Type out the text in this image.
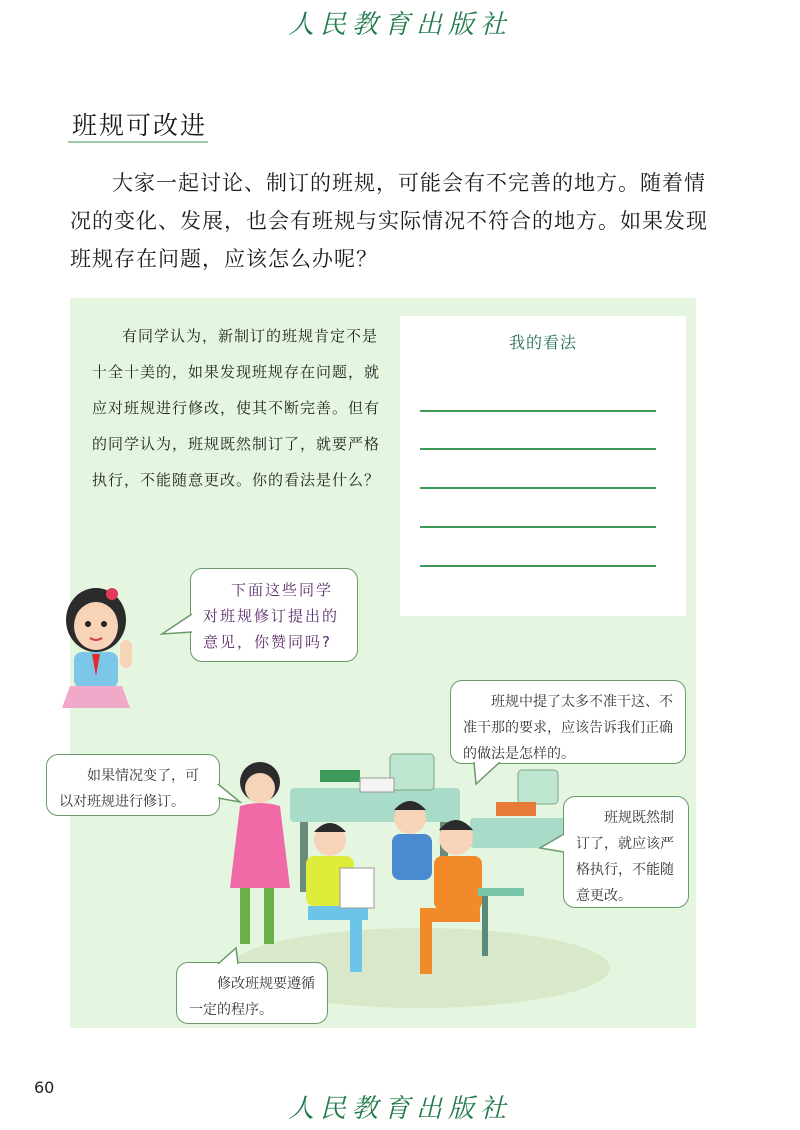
人民教育出版社
班规可改进
大家一起讨论、制订的班规，可能会有不完善的地方。随着情况的变化、发展，也会有班规与实际情况不符合的地方。如果发现班规存在问题，应该怎么办呢？
有同学认为，新制订的班规肯定不是十全十美的，如果发现班规存在问题，就应对班规进行修改，使其不断完善。但有的同学认为，班规既然制订了，就要严格执行，不能随意更改。你的看法是什么？
我的看法
下面这些同学对班规修订提出的意见，你赞同吗?
班规中提了太多不准干这、不准干那的要求，应该告诉我们正确的做法是怎样的。
如果情况变了，可以对班规进行修订。
班规既然制订了，就应该严格执行，不能随意更改。
修改班规要遵循一定的程序。
60
人民教育出版社
